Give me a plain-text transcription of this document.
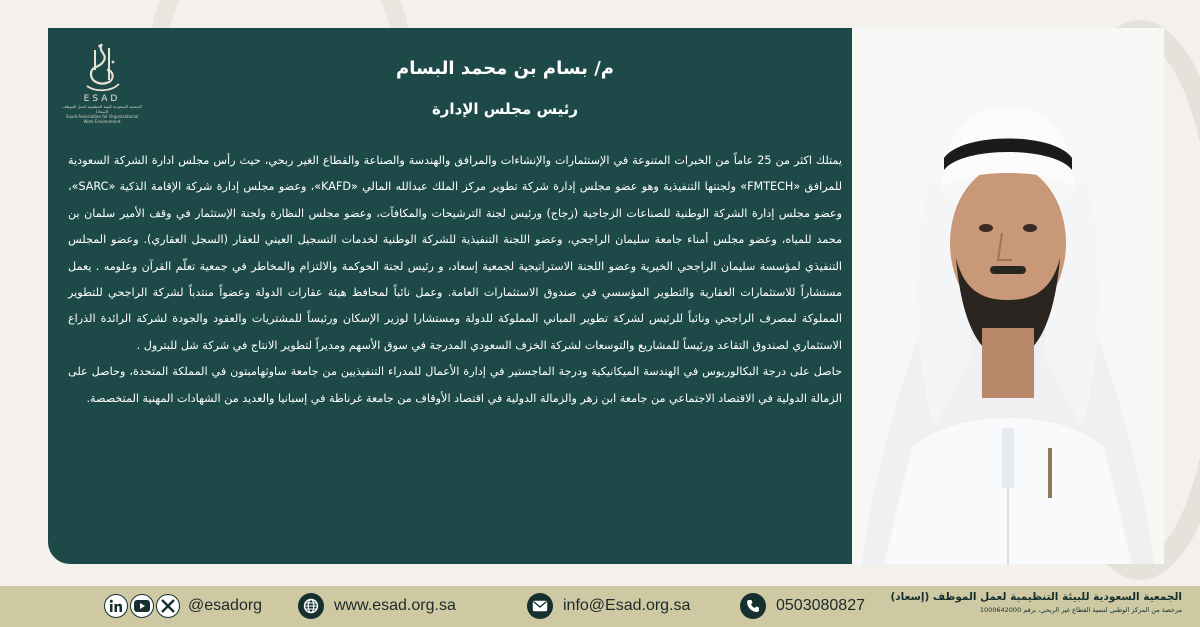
ESAD
الجمعية السعودية للبيئة التنظيمية لعمل الموظف (إسعاد)
Saudi Association for Organizational Work Environment
م/ بسام بن محمد البسام
رئيس مجلس الإدارة

يمتلك اكثر من 25 عاماً من الخبرات المتنوعة في الإستثمارات والإنشاءات والمرافق والهندسة والصناعة والقطاع الغير ربحي، حيث رأس مجلس ادارة الشركة السعودية للمرافق «FMTECH» ولجنتها التنفيذية وهو عضو مجلس إدارة شركة تطوير مركز الملك عبدالله المالي «KAFD»، وعضو مجلس إدارة شركة الإقامة الذكية «SARC»، وعضو مجلس إدارة الشركة الوطنية للصناعات الزجاجية (زجاج) ورئيس لجنة الترشيحات والمكافآت، وعضو مجلس النظارة ولجنة الإستثمار في وقف الأمير سلمان بن محمد للمياه، وعضو مجلس أمناء جامعة سليمان الراجحي، وعضو اللجنة التنفيذية للشركة الوطنية لخدمات التسجيل العيني للعقار (السجل العقاري). وعضو المجلس التنفيذي لمؤسسة سليمان الراجحي الخيرية وعضو اللجنة الاستراتيجية لجمعية إسعاد، و رئيس لجنة الحوكمة والالتزام والمخاطر في جمعية تعلّم القرآن وعلومه . يعمل مستشاراً للاستثمارات العقارية والتطوير المؤسسي في صندوق الاستثمارات العامة. وعمل نائباً لمحافظ هيئة عقارات الدولة وعضواً منتدباً لشركة الراجحي للتطوير المملوكة لمصرف الراجحي ونائباً للرئيس لشركة تطوير المباني المملوكة للدولة ومستشارا لوزير الإسكان ورئيساً للمشتريات والعقود والجودة لشركة الرائدة الذراع الاستثماري لصندوق التقاعد ورئيساً للمشاريع والتوسعات لشركة الخزف السعودي المدرجة في سوق الأسهم ومديراً لتطوير الانتاج في شركة شل للبترول .

حاصل على درجة البكالوريوس في الهندسة الميكانيكية ودرجة الماجستير في إدارة الأعمال للمدراء التنفيذيين من جامعة ساوثهامبتون في المملكة المتحدة، وحاصل على الزمالة الدولية في الاقتصاد الاجتماعي من جامعة ابن زهر والزمالة الدولية في اقتصاد الأوقاف من جامعة غرناطة في إسبانيا والعديد من الشهادات المهنية المتخصصة.

@esadorg	www.esad.org.sa	info@Esad.org.sa	0503080827	الجمعية السعودية للبيئة التنظيمية لعمل الموظف (إسعاد)
مرخصة من المركز الوطني لتنمية القطاع غير الربحي، برقم 1000642000
